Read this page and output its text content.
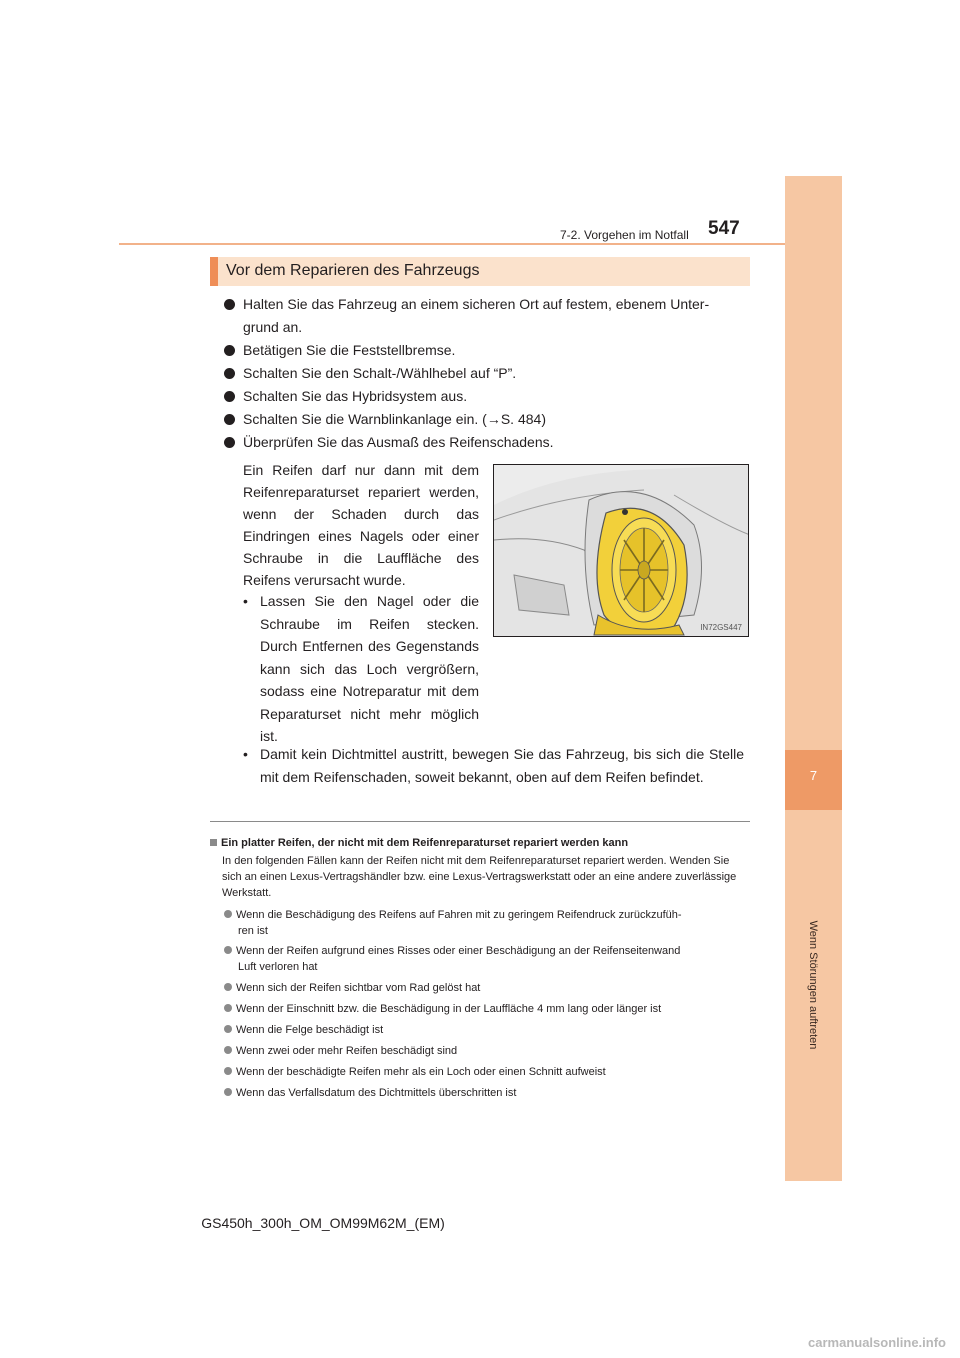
7
Wenn Störungen auftreten
7-2. Vorgehen im Notfall 547
Vor dem Reparieren des Fahrzeugs
Halten Sie das Fahrzeug an einem sicheren Ort auf festem, ebenem Unter-
grund an.
Betätigen Sie die Feststellbremse.
Schalten Sie den Schalt-/Wählhebel auf “P”.
Schalten Sie das Hybridsystem aus.
Schalten Sie die Warnblinkanlage ein. (→S. 484)
Überprüfen Sie das Ausmaß des Reifenschadens.
Ein Reifen darf nur dann mit dem Reifenreparaturset repariert werden, wenn der Schaden durch das Eindringen eines Nagels oder einer Schraube in die Lauffläche des Reifens verursacht wurde.
• Lassen Sie den Nagel oder die Schraube im Reifen stecken. Durch Entfernen des Gegenstands kann sich das Loch vergrößern, sodass eine Notreparatur mit dem Reparaturset nicht mehr möglich ist.
• Damit kein Dichtmittel austritt, bewegen Sie das Fahrzeug, bis sich die Stelle mit dem Reifenschaden, soweit bekannt, oben auf dem Reifen befindet.
IN72GS447
Ein platter Reifen, der nicht mit dem Reifenreparaturset repariert werden kann
In den folgenden Fällen kann der Reifen nicht mit dem Reifenreparaturset repariert werden. Wenden Sie sich an einen Lexus-Vertragshändler bzw. eine Lexus-Vertragswerkstatt oder an eine andere zuverlässige Werkstatt.
Wenn die Beschädigung des Reifens auf Fahren mit zu geringem Reifendruck zurückzufüh-
ren ist
Wenn der Reifen aufgrund eines Risses oder einer Beschädigung an der Reifenseitenwand
Luft verloren hat
Wenn sich der Reifen sichtbar vom Rad gelöst hat
Wenn der Einschnitt bzw. die Beschädigung in der Lauffläche 4 mm lang oder länger ist
Wenn die Felge beschädigt ist
Wenn zwei oder mehr Reifen beschädigt sind
Wenn der beschädigte Reifen mehr als ein Loch oder einen Schnitt aufweist
Wenn das Verfallsdatum des Dichtmittels überschritten ist
GS450h_300h_OM_OM99M62M_(EM)
carmanualsonline.info
